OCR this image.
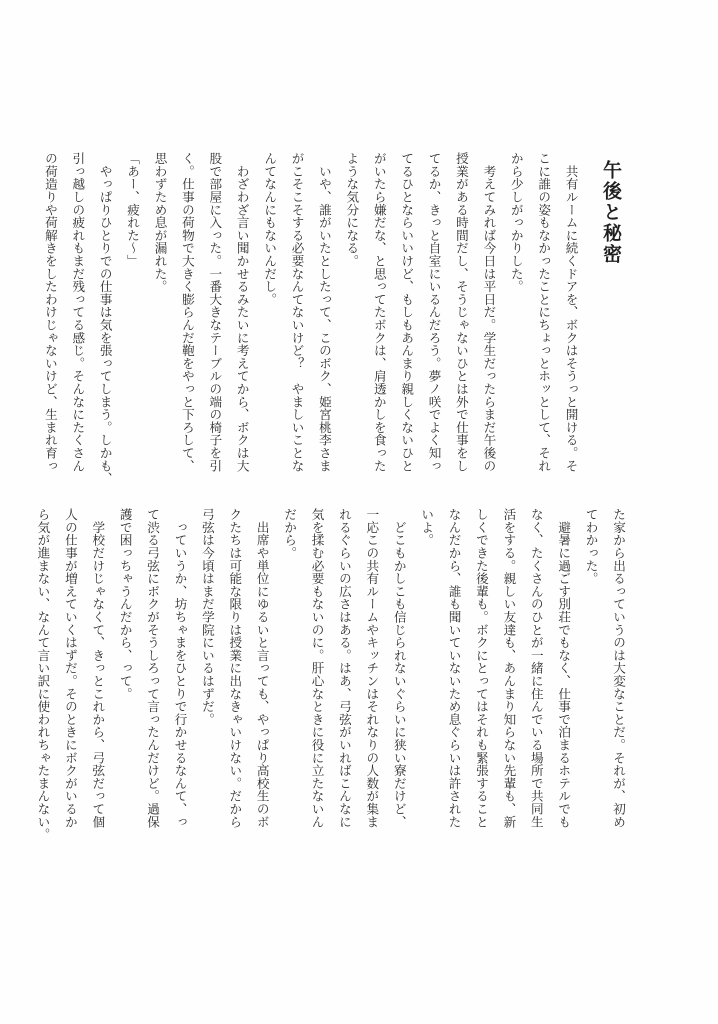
午後と秘密
　共有ルームに続くドアを、ボクはそうっと開ける。そ
こに誰の姿もなかったことにちょっとホッとして、それ
から少しがっかりした。
　考えてみれば今日は平日だ。学生だったらまだ午後の
授業がある時間だし、そうじゃないひとは外で仕事をし
てるか、きっと自室にいるんだろう。夢ノ咲でよく知っ
てるひとならいいけど、もしもあんまり親しくないひと
がいたら嫌だな、と思ってたボクは、肩透かしを食った
ような気分になる。
　いや、誰がいたとしたって、このボク、姫宮桃李さま
がこそこそする必要なんてないけど？　やましいことな
んてなんにもないんだし。
　わざわざ言い聞かせるみたいに考えてから、ボクは大
股で部屋に入った。一番大きなテーブルの端の椅子を引
く。仕事の荷物で大きく膨らんだ鞄をやっと下ろして、
思わずため息が漏れた。
「あー、疲れた〜」
　やっぱりひとりでの仕事は気を張ってしまう。しかも、
引っ越しの疲れもまだ残ってる感じ。そんなにたくさん
の荷造りや荷解きをしたわけじゃないけど、生まれ育っ
た家から出るっていうのは大変なことだ。それが、初め
てわかった。
　避暑に過ごす別荘でもなく、仕事で泊まるホテルでも
なく、たくさんのひとが一緒に住んでいる場所で共同生
活をする。親しい友達も、あんまり知らない先輩も、新
しくできた後輩も。ボクにとってはそれも緊張すること
なんだから、誰も聞いていないため息ぐらいは許された
いよ。
　どこもかしこも信じられないぐらいに狭い寮だけど、
一応この共有ルームやキッチンはそれなりの人数が集ま
れるぐらいの広さはある。はあ、弓弦がいればこんなに
気を揉む必要もないのに。肝心なときに役に立たないん
だから。
　出席や単位にゆるいと言っても、やっぱり高校生のボ
クたちは可能な限りは授業に出なきゃいけない。だから
弓弦は今頃はまだ学院にいるはずだ。
　っていうか、坊ちゃまをひとりで行かせるなんて、っ
て渋る弓弦にボクがそうしろって言ったんだけど。過保
護で困っちゃうんだから、って。
　学校だけじゃなくて、きっとこれから、弓弦だって個
人の仕事が増えていくはずだ。そのときにボクがいるか
ら気が進まない、なんて言い訳に使われちゃたまんない。
